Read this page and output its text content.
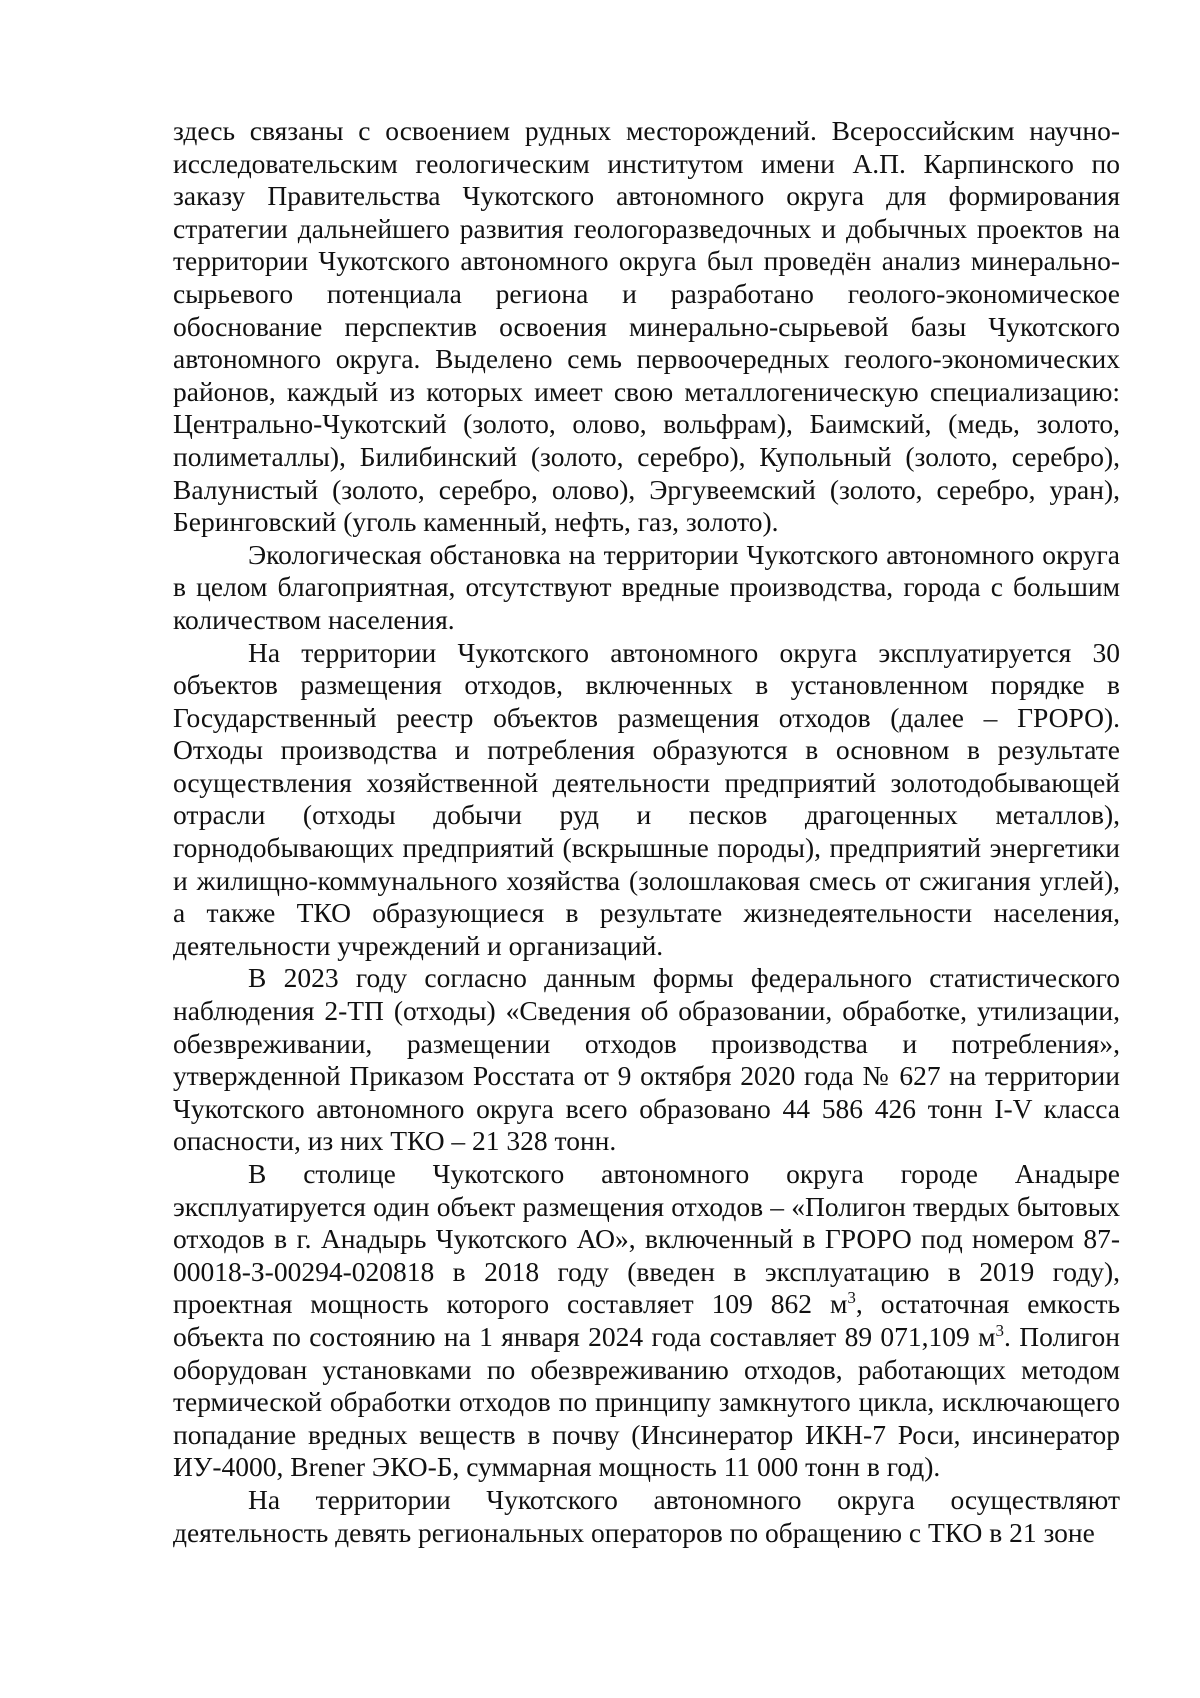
здесь связаны с освоением рудных месторождений. Всероссийским научно-исследовательским геологическим институтом имени А.П. Карпинского по заказу Правительства Чукотского автономного округа для формирования стратегии дальнейшего развития геологоразведочных и добычных проектов на территории Чукотского автономного округа был проведён анализ минерально-сырьевого потенциала региона и разработано геолого-экономическое обоснование перспектив освоения минерально-сырьевой базы Чукотского автономного округа. Выделено семь первоочередных геолого-экономических районов, каждый из которых имеет свою металлогеническую специализацию: Центрально-Чукотский (золото, олово, вольфрам), Баимский, (медь, золото, полиметаллы), Билибинский (золото, серебро), Купольный (золото, серебро), Валунистый (золото, серебро, олово), Эргувеемский (золото, серебро, уран), Беринговский (уголь каменный, нефть, газ, золото).

Экологическая обстановка на территории Чукотского автономного округа в целом благоприятная, отсутствуют вредные производства, города с большим количеством населения.

На территории Чукотского автономного округа эксплуатируется 30 объектов размещения отходов, включенных в установленном порядке в Государственный реестр объектов размещения отходов (далее – ГРОРО). Отходы производства и потребления образуются в основном в результате осуществления хозяйственной деятельности предприятий золотодобывающей отрасли (отходы добычи руд и песков драгоценных металлов), горнодобывающих предприятий (вскрышные породы), предприятий энергетики и жилищно-коммунального хозяйства (золошлаковая смесь от сжигания углей), а также ТКО образующиеся в результате жизнедеятельности населения, деятельности учреждений и организаций.

В 2023 году согласно данным формы федерального статистического наблюдения 2-ТП (отходы) «Сведения об образовании, обработке, утилизации, обезвреживании, размещении отходов производства и потребления», утвержденной Приказом Росстата от 9 октября 2020 года № 627 на территории Чукотского автономного округа всего образовано 44 586 426 тонн I-V класса опасности, из них ТКО – 21 328 тонн.

В столице Чукотского автономного округа городе Анадыре эксплуатируется один объект размещения отходов – «Полигон твердых бытовых отходов в г. Анадырь Чукотского АО», включенный в ГРОРО под номером 87-00018-З-00294-020818 в 2018 году (введен в эксплуатацию в 2019 году), проектная мощность которого составляет 109 862 $м^3$, остаточная емкость объекта по состоянию на 1 января 2024 года составляет 89 071,109 $м^3$. Полигон оборудован установками по обезвреживанию отходов, работающих методом термической обработки отходов по принципу замкнутого цикла, исключающего попадание вредных веществ в почву (Инсинератор ИКН-7 Роси, инсинератор ИУ-4000, Brener ЭКО-Б, суммарная мощность 11 000 тонн в год).

На территории Чукотского автономного округа осуществляют деятельность девять региональных операторов по обращению с ТКО в 21 зоне
